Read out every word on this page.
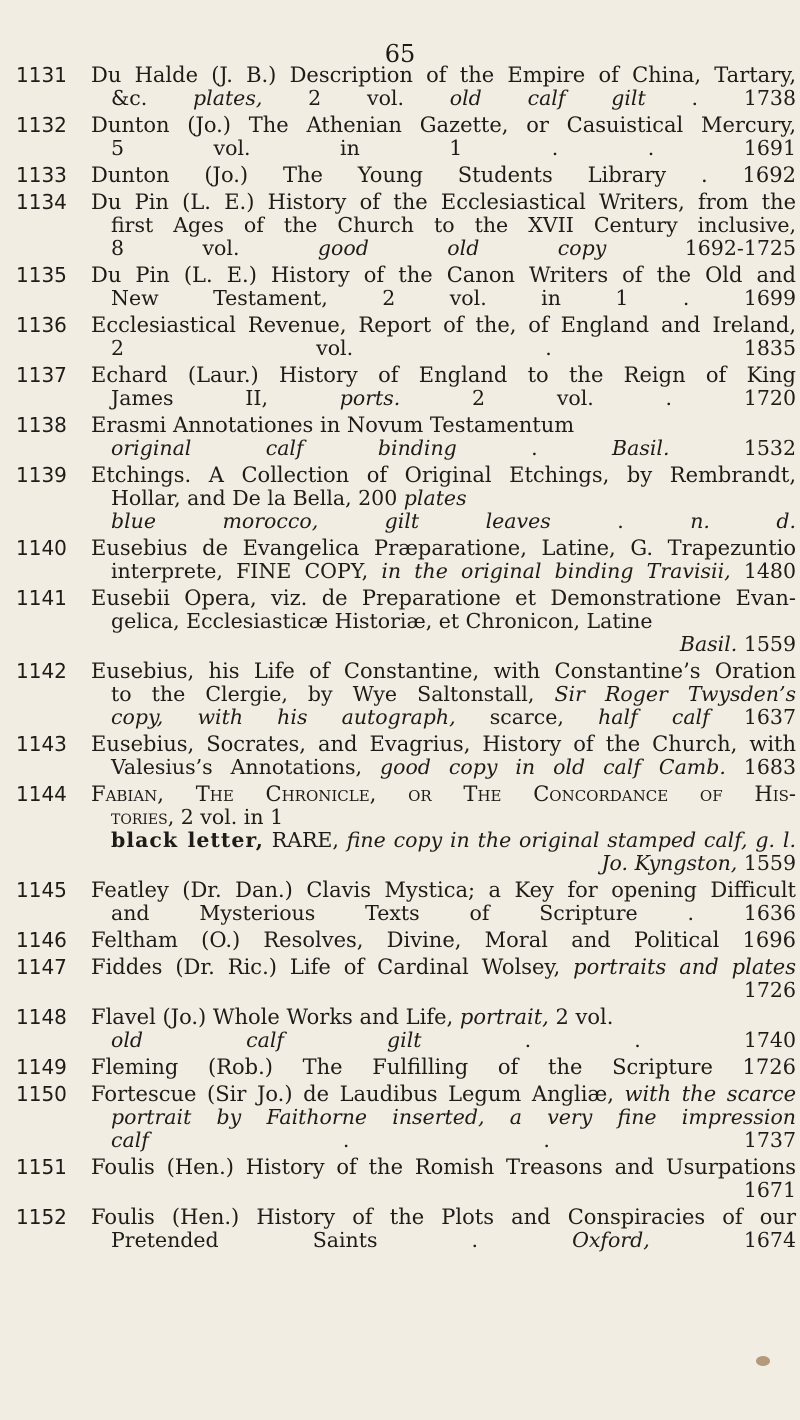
65
1131	Du Halde (J. B.) Description of the Empire of China, Tartary,
&c. plates, 2 vol. old calf gilt . 1738
1132	Dunton (Jo.) The Athenian Gazette, or Casuistical Mercury,
5 vol. in 1 . . 1691
1133	Dunton (Jo.) The Young Students Library . 1692
1134	Du Pin (L. E.) History of the Ecclesiastical Writers, from the
first Ages of the Church to the XVII Century inclusive,
8 vol. good old copy 1692-1725
1135	Du Pin (L. E.) History of the Canon Writers of the Old and
New Testament, 2 vol. in 1 . 1699
1136	Ecclesiastical Revenue, Report of the, of England and Ireland,
2 vol. . 1835
1137	Echard (Laur.) History of England to the Reign of King
James II, ports. 2 vol. . 1720
1138	Erasmi Annotationes in Novum Testamentum
original calf binding . Basil. 1532
1139	Etchings. A Collection of Original Etchings, by Rembrandt,
Hollar, and De la Bella, 200 plates
blue morocco, gilt leaves . n. d.
1140	Eusebius de Evangelica Præparatione, Latine, G. Trapezuntio
interprete, FINE COPY, in the original binding Travisii, 1480
1141	Eusebii Opera, viz. de Preparatione et Demonstratione Evan-
gelica, Ecclesiasticæ Historiæ, et Chronicon, Latine
Basil. 1559
1142	Eusebius, his Life of Constantine, with Constantine’s Oration
to the Clergie, by Wye Saltonstall, Sir Roger Twysden’s
copy, with his autograph, scarce, half calf 1637
1143	Eusebius, Socrates, and Evagrius, History of the Church, with
Valesius’s Annotations, good copy in old calf Camb. 1683
1144	Fabian, The Chronicle, or The Concordance of His-
tories, 2 vol. in 1
black letter, RARE, fine copy in the original stamped calf, g. l.
Jo. Kyngston, 1559
1145	Featley (Dr. Dan.) Clavis Mystica; a Key for opening Difficult
and Mysterious Texts of Scripture . 1636
1146	Feltham (O.) Resolves, Divine, Moral and Political 1696
1147	Fiddes (Dr. Ric.) Life of Cardinal Wolsey, portraits and plates
1726
1148	Flavel (Jo.) Whole Works and Life, portrait, 2 vol.
old calf gilt . . 1740
1149	Fleming (Rob.) The Fulfilling of the Scripture 1726
1150	Fortescue (Sir Jo.) de Laudibus Legum Angliæ, with the scarce
portrait by Faithorne inserted, a very fine impression
calf . . 1737
1151	Foulis (Hen.) History of the Romish Treasons and Usurpations
1671
1152	Foulis (Hen.) History of the Plots and Conspiracies of our
Pretended Saints . Oxford, 1674
